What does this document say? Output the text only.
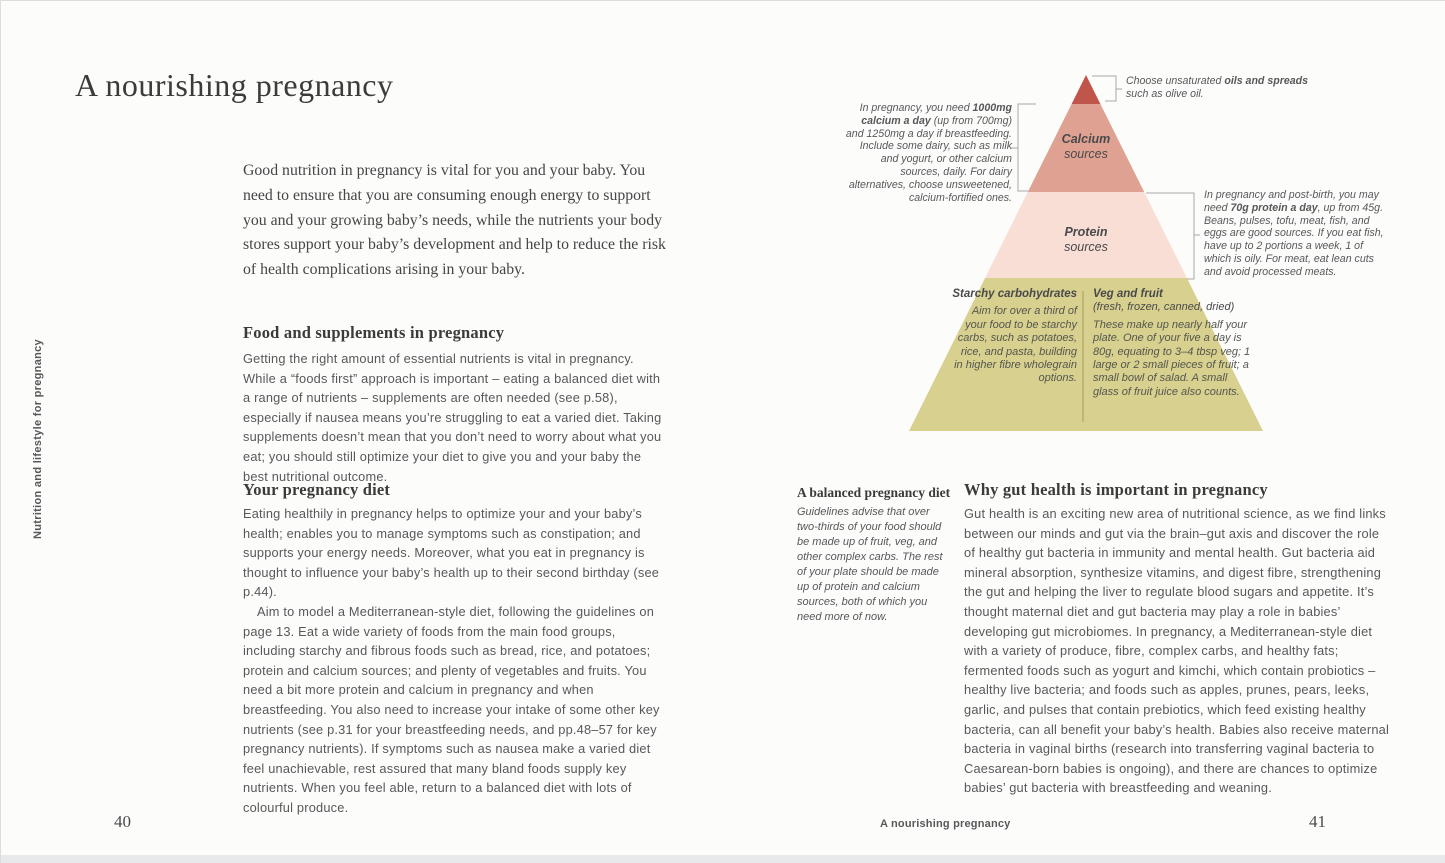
A nourishing pregnancy
Good nutrition in pregnancy is vital for you and your baby. You need to ensure that you are consuming enough energy to support you and your growing baby’s needs, while the nutrients your body stores support your baby’s development and help to reduce the risk of health complications arising in your baby.
Food and supplements in pregnancy
Getting the right amount of essential nutrients is vital in pregnancy. While a “foods first” approach is important – eating a balanced diet with a range of nutrients – supplements are often needed (see p.58), especially if nausea means you’re struggling to eat a varied diet. Taking supplements doesn’t mean that you don’t need to worry about what you eat; you should still optimize your diet to give you and your baby the best nutritional outcome.
Your pregnancy diet

Eating healthily in pregnancy helps to optimize your and your baby’s health; enables you to manage symptoms such as constipation; and supports your energy needs. Moreover, what you eat in pregnancy is thought to influence your baby’s health up to their second birthday (see p.44).

Aim to model a Mediterranean-style diet, following the guidelines on page 13. Eat a wide variety of foods from the main food groups, including starchy and fibrous foods such as bread, rice, and potatoes; protein and calcium sources; and plenty of vegetables and fruits. You need a bit more protein and calcium in pregnancy and when breastfeeding. You also need to increase your intake of some other key nutrients (see p.31 for your breastfeeding needs, and pp.48–57 for key pregnancy nutrients). If symptoms such as nausea make a varied diet feel unachievable, rest assured that many bland foods supply key nutrients. When you feel able, return to a balanced diet with lots of colourful produce.

Nutrition and lifestyle for pregnancy
Choose unsaturated oils and spreads such as olive oil.
In pregnancy, you need 1000mg calcium a day (up from 700mg) and 1250mg a day if breastfeeding. Include some dairy, such as milk and yogurt, or other calcium sources, daily. For dairy alternatives, choose unsweetened, calcium-fortified ones.	In pregnancy and post-birth, you may need 70g protein a day, up from 45g. Beans, pulses, tofu, meat, fish, and eggs are good sources. If you eat fish, have up to 2 portions a week, 1 of which is oily. For meat, eat lean cuts and avoid processed meats.
Calcium
sources
Protein
sources
Starchy carbohydrates
Aim for over a third of your food to be starchy carbs, such as potatoes, rice, and pasta, building in higher fibre wholegrain options.
Veg and fruit
(fresh, frozen, canned, dried)
These make up nearly half your plate. One of your five a day is 80g, equating to 3–4 tbsp veg; 1 large or 2 small pieces of fruit; a small bowl of salad. A small glass of fruit juice also counts.
A balanced pregnancy diet
Guidelines advise that over two-thirds of your food should be made up of fruit, veg, and other complex carbs. The rest of your plate should be made up of protein and calcium sources, both of which you need more of now.
Why gut health is important in pregnancy
Gut health is an exciting new area of nutritional science, as we find links between our minds and gut via the brain–gut axis and discover the role of healthy gut bacteria in immunity and mental health. Gut bacteria aid mineral absorption, synthesize vitamins, and digest fibre, strengthening the gut and helping the liver to regulate blood sugars and appetite. It’s thought maternal diet and gut bacteria may play a role in babies’ developing gut microbiomes. In pregnancy, a Mediterranean-style diet with a variety of produce, fibre, complex carbs, and healthy fats; fermented foods such as yogurt and kimchi, which contain probiotics – healthy live bacteria; and foods such as apples, prunes, pears, leeks, garlic, and pulses that contain prebiotics, which feed existing healthy bacteria, can all benefit your baby’s health. Babies also receive maternal bacteria in vaginal births (research into transferring vaginal bacteria to Caesarean-born babies is ongoing), and there are chances to optimize babies’ gut bacteria with breastfeeding and weaning.
40	A nourishing pregnancy	41
